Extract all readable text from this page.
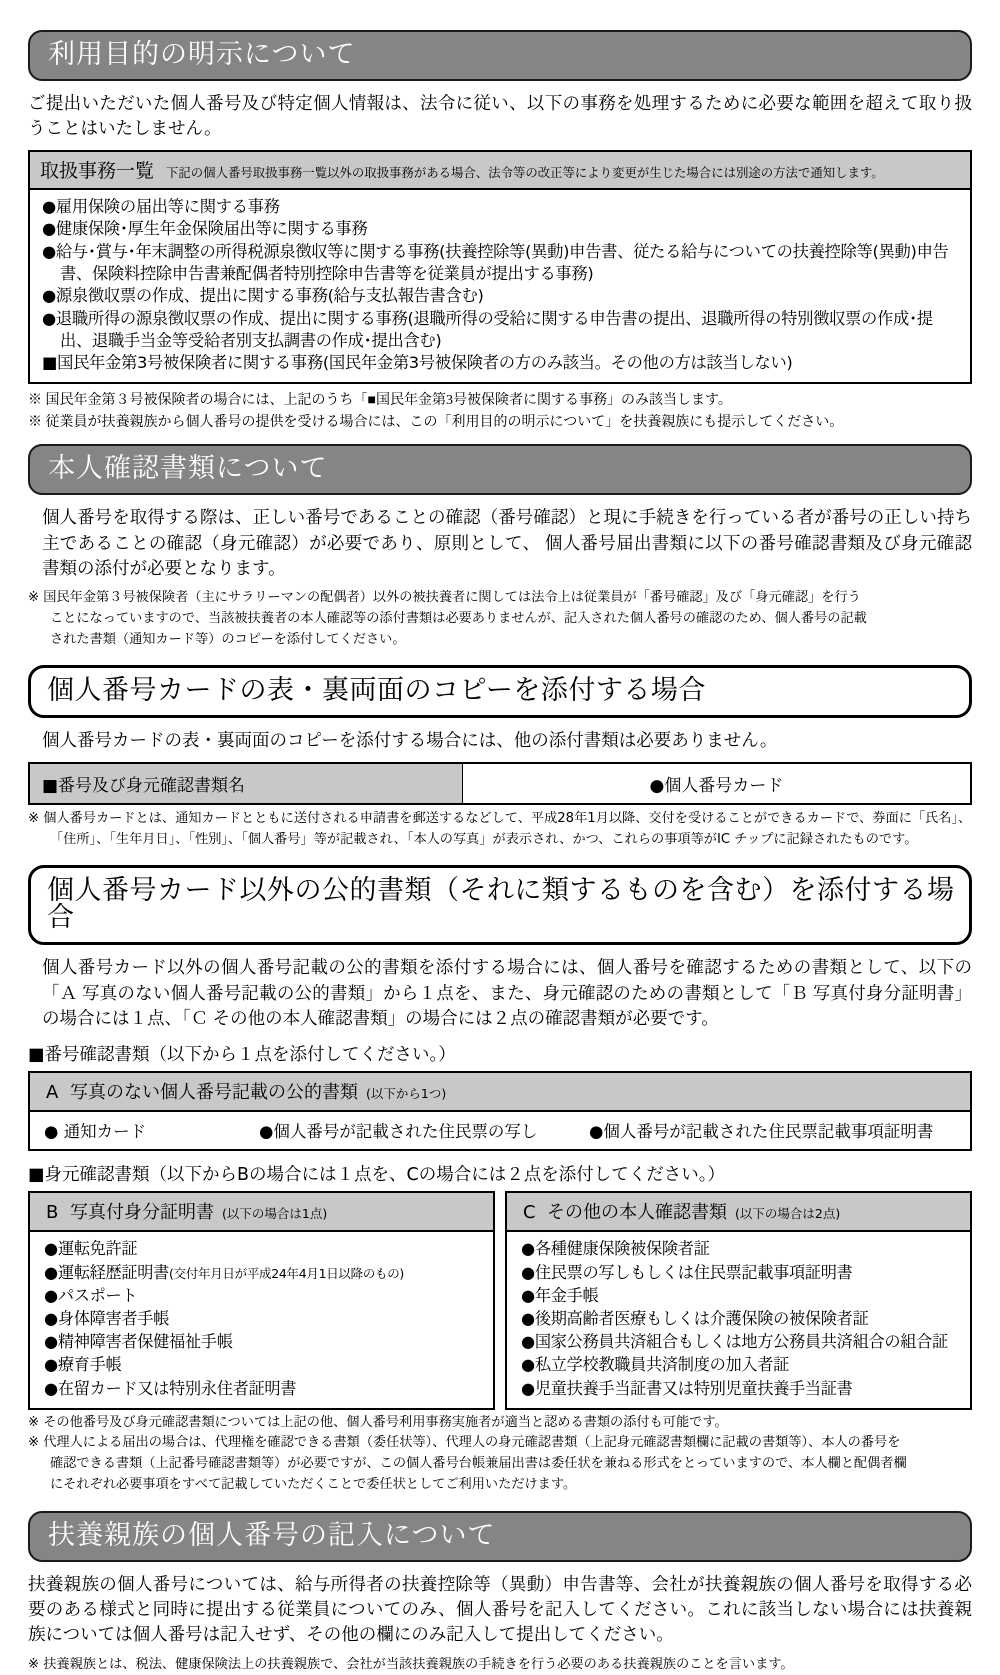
利用目的の明示について

ご提出いただいた個人番号及び特定個人情報は、法令に従い、以下の事務を処理するために必要な範囲を超えて取り扱うことはいたしません。

取扱事務一覧 下記の個人番号取扱事務一覧以外の取扱事務がある場合、法令等の改正等により変更が生じた場合には別途の方法で通知します。
●雇用保険の届出等に関する事務
●健康保険･厚生年金保険届出等に関する事務
●給与･賞与･年末調整の所得税源泉徴収等に関する事務(扶養控除等(異動)申告書、従たる給与についての扶養控除等(異動)申告書、保険料控除申告書兼配偶者特別控除申告書等を従業員が提出する事務)
●源泉徴収票の作成、提出に関する事務(給与支払報告書含む)
●退職所得の源泉徴収票の作成、提出に関する事務(退職所得の受給に関する申告書の提出、退職所得の特別徴収票の作成･提出、退職手当金等受給者別支払調書の作成･提出含む)
■国民年金第3号被保険者に関する事務(国民年金第3号被保険者の方のみ該当。その他の方は該当しない)

※ 国民年金第３号被保険者の場合には、上記のうち「■国民年金第3号被保険者に関する事務」のみ該当します。

※ 従業員が扶養親族から個人番号の提供を受ける場合には、この「利用目的の明示について」を扶養親族にも提示してください。

本人確認書類について

個人番号を取得する際は、正しい番号であることの確認（番号確認）と現に手続きを行っている者が番号の正しい持ち主であることの確認（身元確認）が必要であり、原則として、 個人番号届出書類に以下の番号確認書類及び身元確認書類の添付が必要となります。

※ 国民年金第３号被保険者（主にサラリーマンの配偶者）以外の被扶養者に関しては法令上は従業員が「番号確認」及び「身元確認」を行う

ことになっていますので、当該被扶養者の本人確認等の添付書類は必要ありませんが、記入された個人番号の確認のため、個人番号の記載

された書類（通知カード等）のコピーを添付してください。

個人番号カードの表・裏両面のコピーを添付する場合

個人番号カードの表・裏両面のコピーを添付する場合には、他の添付書類は必要ありません。

■番号及び身元確認書類名	●個人番号カード

※ 個人番号カードとは、通知カードとともに送付される申請書を郵送するなどして、平成28年1月以降、交付を受けることができるカードで、券面に「氏名」、

「住所」、「生年月日」、「性別」、「個人番号」等が記載され、「本人の写真」が表示され、かつ、これらの事項等がIC チップに記録されたものです。

個人番号カード以外の公的書類（それに類するものを含む）を添付する場合

個人番号カード以外の個人番号記載の公的書類を添付する場合には、個人番号を確認するための書類として、以下の「Ａ 写真のない個人番号記載の公的書類」から１点を、また、身元確認のための書類として「Ｂ 写真付身分証明書」の場合には１点、「Ｃ その他の本人確認書類」の場合には２点の確認書類が必要です。

■番号確認書類（以下から１点を添付してください。）
A 写真のない個人番号記載の公的書類 (以下から1つ)
● 通知カード	●個人番号が記載された住民票の写し	●個人番号が記載された住民票記載事項証明書
■身元確認書類（以下からBの場合には１点を、Cの場合には２点を添付してください。）
B 写真付身分証明書 (以下の場合は1点)
●運転免許証
●運転経歴証明書(交付年月日が平成24年4月1日以降のもの)
●パスポート
●身体障害者手帳
●精神障害者保健福祉手帳
●療育手帳
●在留カード又は特別永住者証明書
C その他の本人確認書類 (以下の場合は2点)
●各種健康保険被保険者証
●住民票の写しもしくは住民票記載事項証明書
●年金手帳
●後期高齢者医療もしくは介護保険の被保険者証
●国家公務員共済組合もしくは地方公務員共済組合の組合証
●私立学校教職員共済制度の加入者証
●児童扶養手当証書又は特別児童扶養手当証書

※ その他番号及び身元確認書類については上記の他、個人番号利用事務実施者が適当と認める書類の添付も可能です。

※ 代理人による届出の場合は、代理権を確認できる書類（委任状等）、代理人の身元確認書類（上記身元確認書類欄に記載の書類等）、本人の番号を

確認できる書類（上記番号確認書類等）が必要ですが、この個人番号台帳兼届出書は委任状を兼ねる形式をとっていますので、本人欄と配偶者欄

にそれぞれ必要事項をすべて記載していただくことで委任状としてご利用いただけます。

扶養親族の個人番号の記入について

扶養親族の個人番号については、給与所得者の扶養控除等（異動）申告書等、会社が扶養親族の個人番号を取得する必要のある様式と同時に提出する従業員についてのみ、個人番号を記入してください。これに該当しない場合には扶養親族については個人番号は記入せず、その他の欄にのみ記入して提出してください。

※ 扶養親族とは、税法、健康保険法上の扶養親族で、会社が当該扶養親族の手続きを行う必要のある扶養親族のことを言います。
